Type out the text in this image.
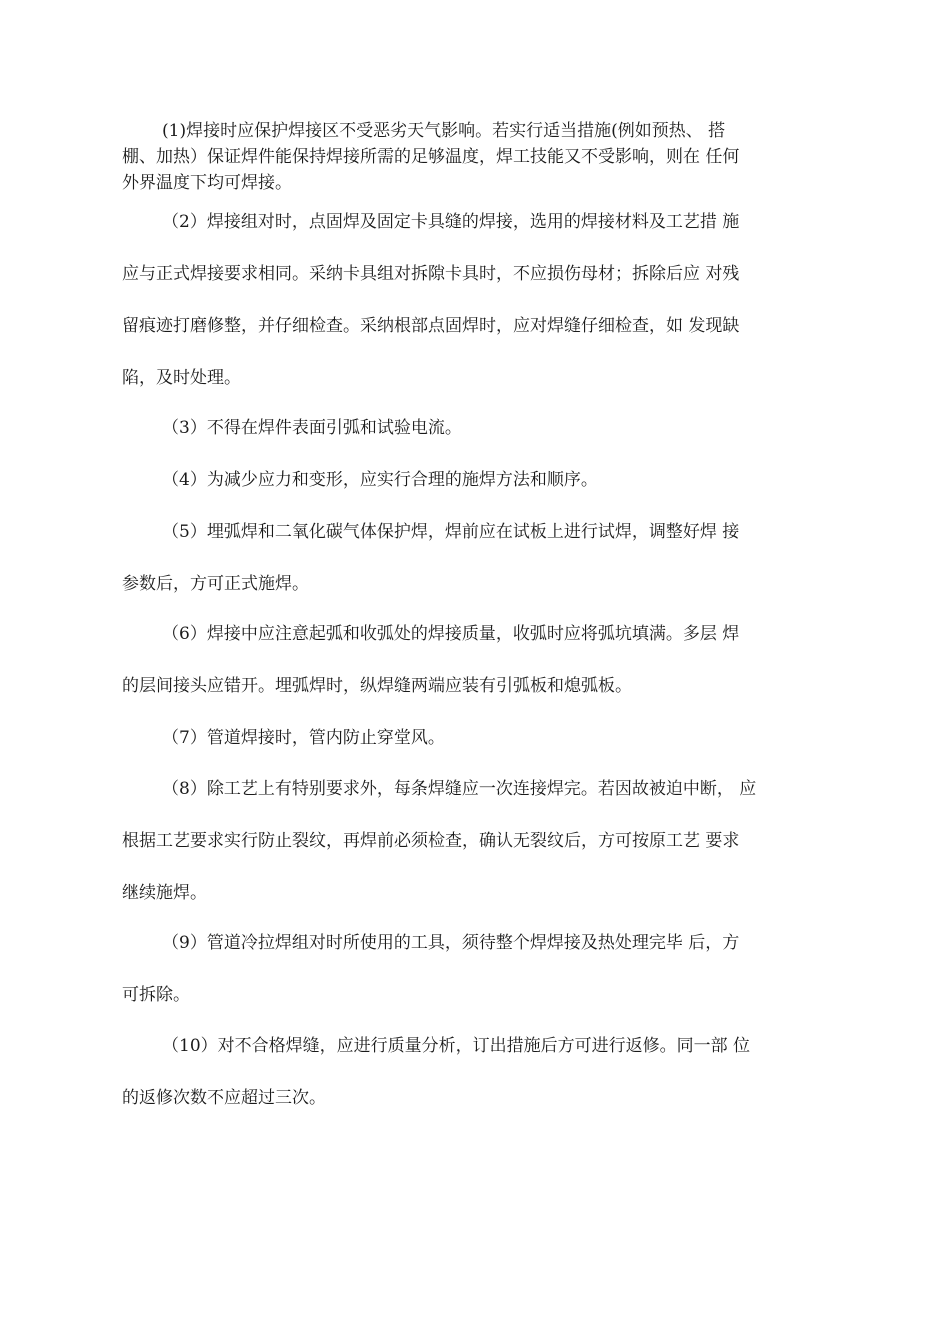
(1)焊接时应保护焊接区不受恶劣天气影响。若实行适当措施(例如预热、 搭
棚、加热）保证焊件能保持焊接所需的足够温度，焊工技能又不受影响，则在 任何
外界温度下均可焊接。
（2）焊接组对时，点固焊及固定卡具缝的焊接，选用的焊接材料及工艺措 施
应与正式焊接要求相同。采纳卡具组对拆隙卡具时，不应损伤母材；拆除后应 对残
留痕迹打磨修整，并仔细检查。采纳根部点固焊时，应对焊缝仔细检查，如 发现缺
陷，及时处理。
（3）不得在焊件表面引弧和试验电流。
（4）为减少应力和变形，应实行合理的施焊方法和顺序。
（5）埋弧焊和二氧化碳气体保护焊，焊前应在试板上进行试焊，调整好焊 接
参数后，方可正式施焊。
（6）焊接中应注意起弧和收弧处的焊接质量，收弧时应将弧坑填满。多层 焊
的层间接头应错开。埋弧焊时，纵焊缝两端应装有引弧板和熄弧板。
（7）管道焊接时，管内防止穿堂风。
（8）除工艺上有特别要求外，每条焊缝应一次连接焊完。若因故被迫中断， 应
根据工艺要求实行防止裂纹，再焊前必须检查，确认无裂纹后，方可按原工艺 要求
继续施焊。
（9）管道冷拉焊组对时所使用的工具，须待整个焊焊接及热处理完毕 后，方
可拆除。
（10）对不合格焊缝，应进行质量分析，订出措施后方可进行返修。同一部 位
的返修次数不应超过三次。
